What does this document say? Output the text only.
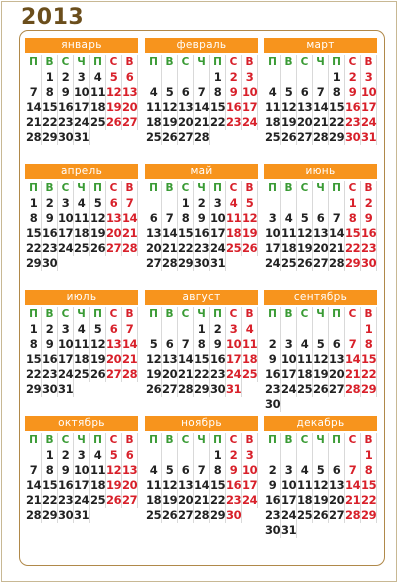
2013
январь
П В С Ч П С В
1 2 3 4 5 6
7 8 9 10 11 12 13
14 15 16 17 18 19 20
21 22 23 24 25 26 27
28 29 30 31
февраль
П В С Ч П С В
1 2 3
4 5 6 7 8 9 10
11 12 13 14 15 16 17
18 19 20 21 22 23 24
25 26 27 28
март
П В С Ч П С В
1 2 3
4 5 6 7 8 9 10
11 12 13 14 15 16 17
18 19 20 21 22 23 24
25 26 27 28 29 30 31
апрель
П В С Ч П С В
1 2 3 4 5 6 7
8 9 10 11 12 13 14
15 16 17 18 19 20 21
22 23 24 25 26 27 28
29 30
май
П В С Ч П С В
1 2 3 4 5
6 7 8 9 10 11 12
13 14 15 16 17 18 19
20 21 22 23 24 25 26
27 28 29 30 31
июнь
П В С Ч П С В
1 2
3 4 5 6 7 8 9
10 11 12 13 14 15 16
17 18 19 20 21 22 23
24 25 26 27 28 29 30
июль
П В С Ч П С В
1 2 3 4 5 6 7
8 9 10 11 12 13 14
15 16 17 18 19 20 21
22 23 24 25 26 27 28
29 30 31
август
П В С Ч П С В
1 2 3 4
5 6 7 8 9 10 11
12 13 14 15 16 17 18
19 20 21 22 23 24 25
26 27 28 29 30 31
сентябрь
П В С Ч П С В
1
2 3 4 5 6 7 8
9 10 11 12 13 14 15
16 17 18 19 20 21 22
23 24 25 26 27 28 29
30
октябрь
П В С Ч П С В
1 2 3 4 5 6
7 8 9 10 11 12 13
14 15 16 17 18 19 20
21 22 23 24 25 26 27
28 29 30 31
ноябрь
П В С Ч П С В
1 2 3
4 5 6 7 8 9 10
11 12 13 14 15 16 17
18 19 20 21 22 23 24
25 26 27 28 29 30
декабрь
П В С Ч П С В
1
2 3 4 5 6 7 8
9 10 11 12 13 14 15
16 17 18 19 20 21 22
23 24 25 26 27 28 29
30 31
